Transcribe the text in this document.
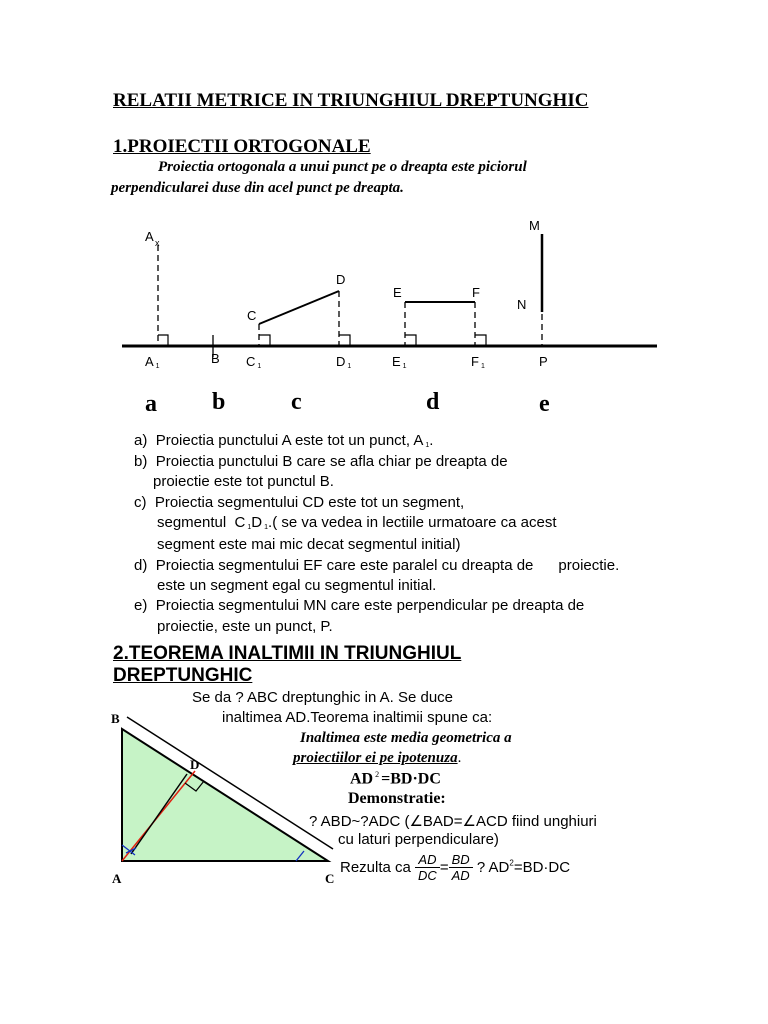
RELATII METRICE IN TRIUNGHIUL DREPTUNGHIC
1.PROIECTII ORTOGONALE
Proiectia ortogonala a unui punct pe o dreapta este piciorul
perpendicularei duse din acel punct pe dreapta.
A x
D
C
E	F
M
N
A $_1$
B C $_1$	D $_1$	E $_1$	F $_1$	P
a b	c	d	e
a) Proiectia punctului A este tot un punct, A $_1$.
b) Proiectia punctului B care se afla chiar pe dreapta de
proiectie este tot punctul B.
c) Proiectia segmentului CD este tot un segment,
segmentul  C $_1$D $_1$.( se va vedea in lectiile urmatoare ca acest
segment este mai mic decat segmentul initial)
d) Proiectia segmentului EF care este paralel cu dreapta de      proiectie.
este un segment egal cu segmentul initial.
e) Proiectia segmentului MN care este perpendicular pe dreapta de
proiectie, este un punct, P.
2.TEOREMA INALTIMII IN TRIUNGHIUL
DREPTUNGHIC
Se da ? ABC dreptunghic in A. Se duce
inaltimea AD.Teorema inaltimii spune ca:
Inaltimea este media geometrica a
proiectiilor ei pe ipotenuza.
AD $^2$ =BD·DC
Demonstratie:
? ABD~?ADC (∠BAD=∠ACD fiind unghiuri
cu laturi perpendiculare)
Rezulta ca $\frac{AD}{DC} = \frac{BD}{AD}$ ? $AD^2=BD\cdot DC$
B
D
A	C
